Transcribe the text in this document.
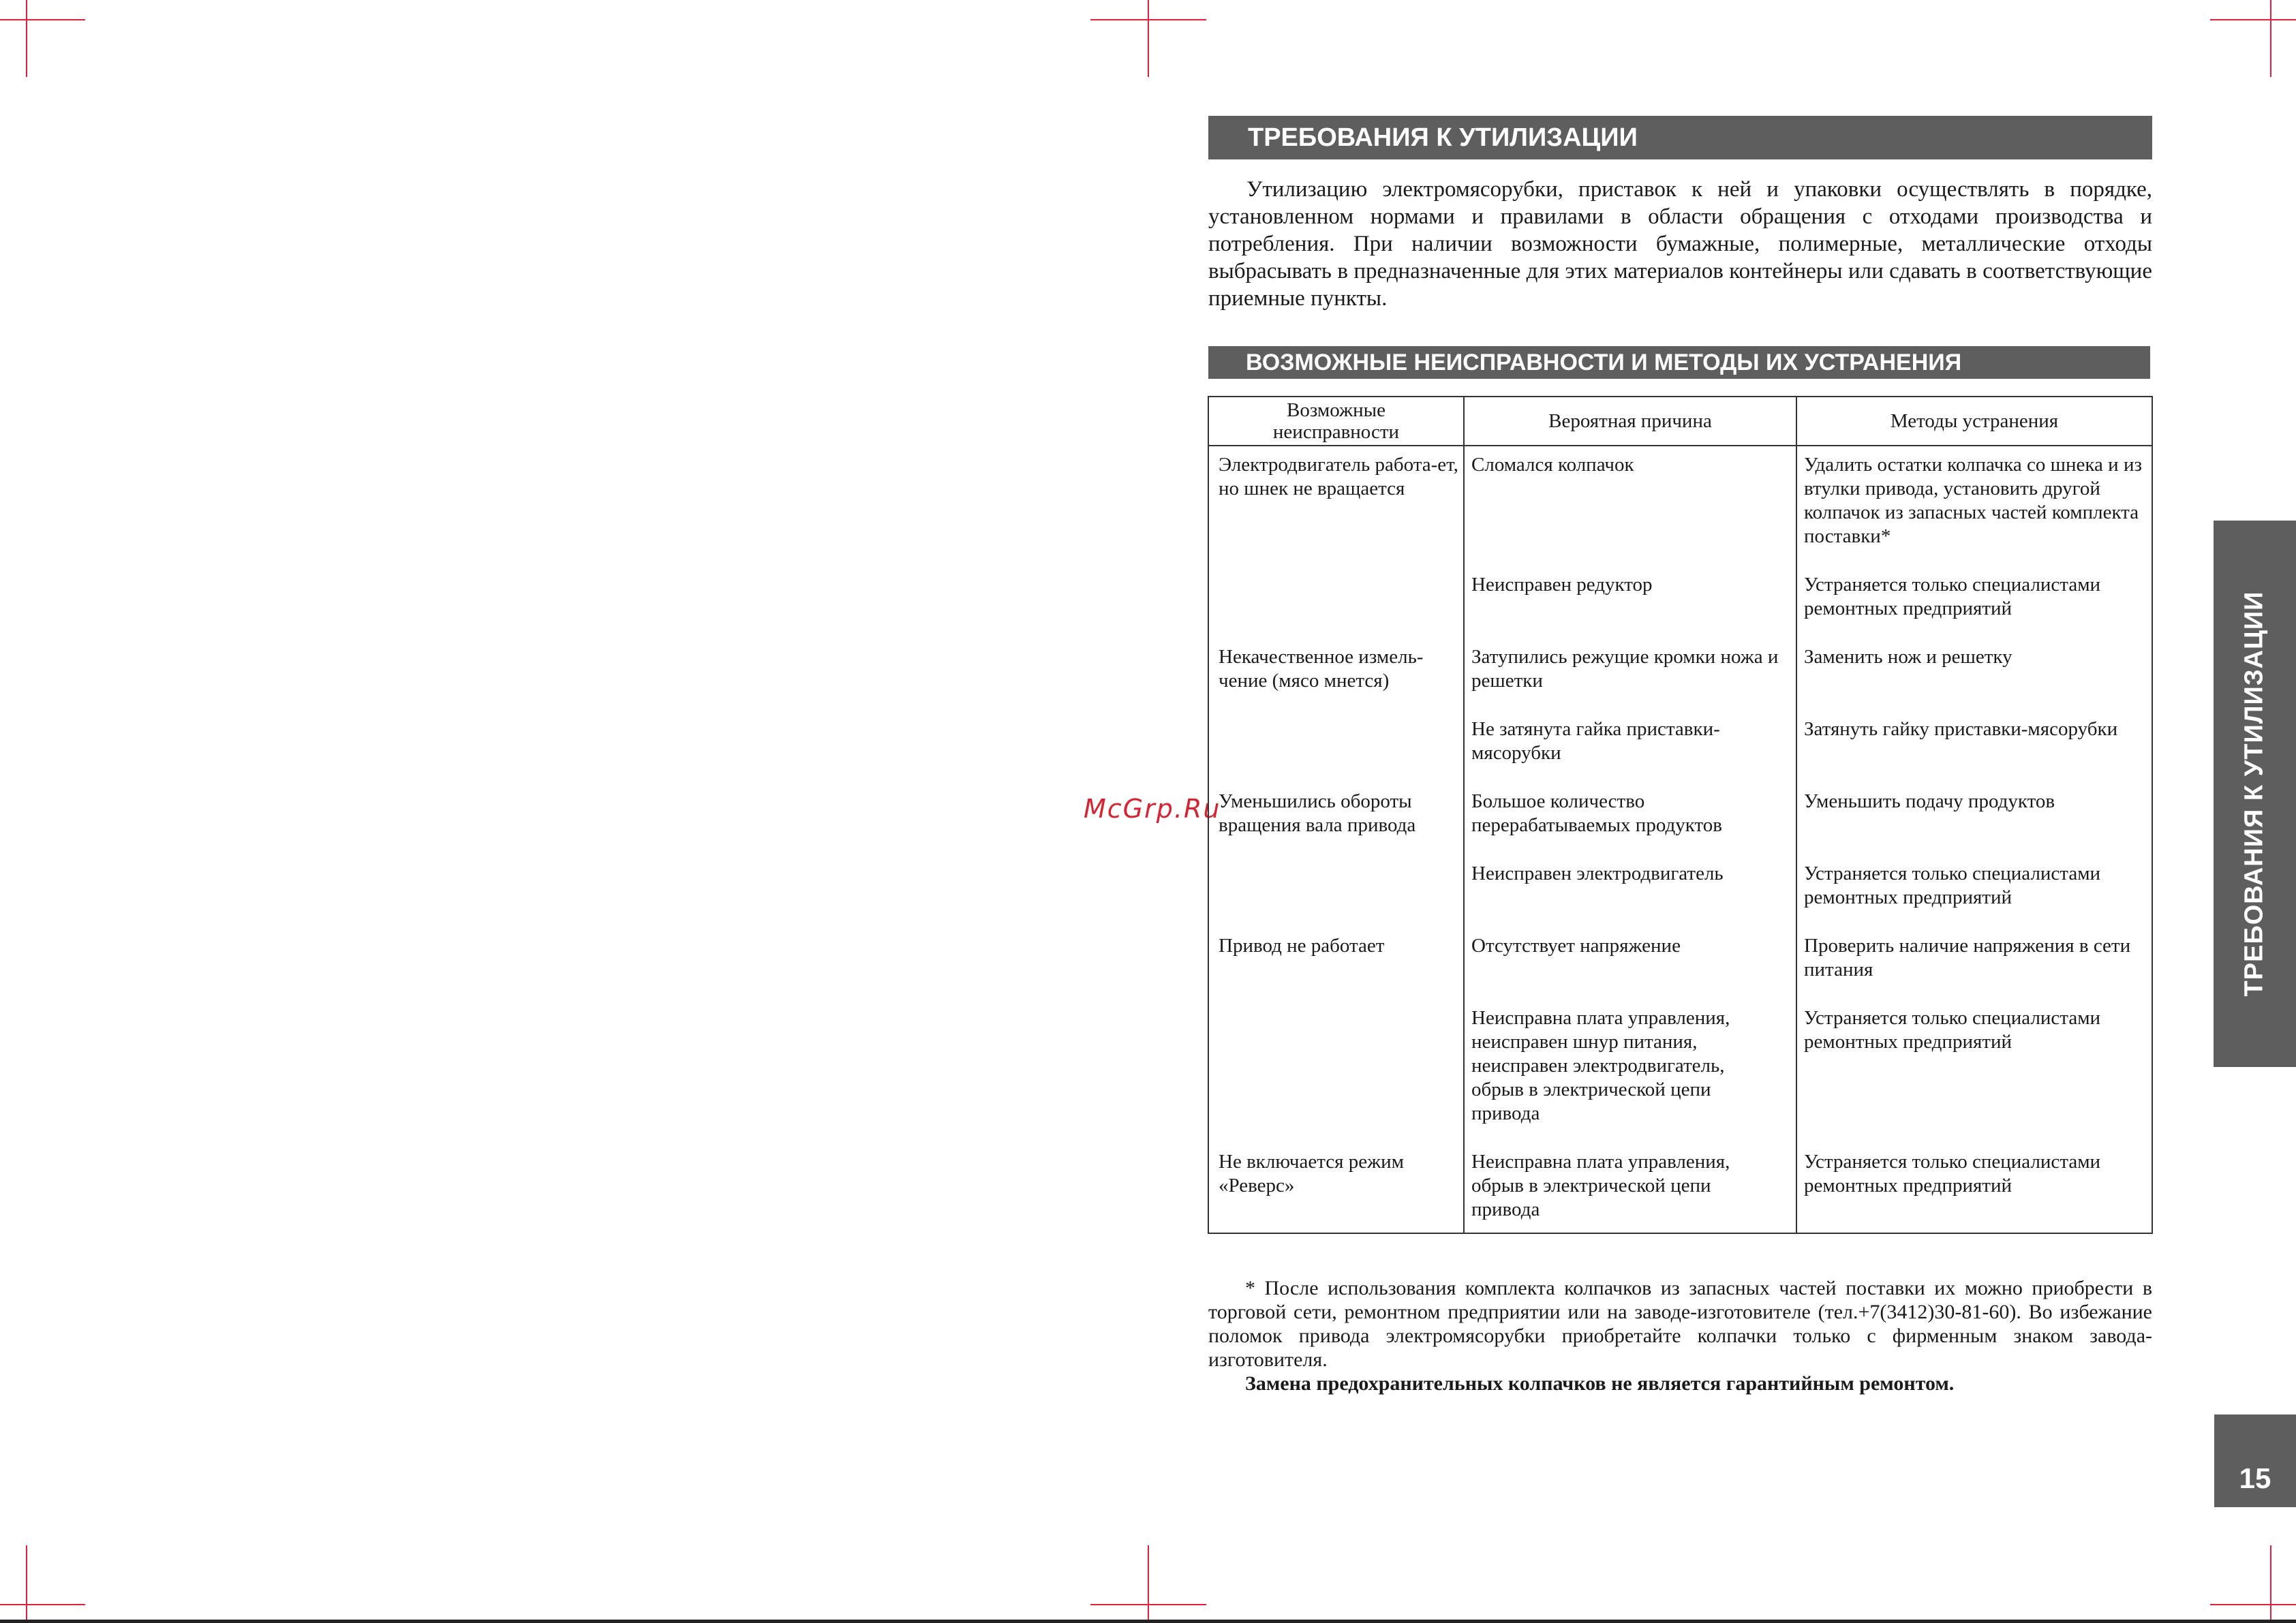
McGrp.Ru
ТРЕБОВАНИЯ К УТИЛИЗАЦИИ
Утилизацию электромясорубки, приставок к ней и упаковки осуществлять в порядке, установленном нормами и правилами в области обращения с отходами производства и потребления. При наличии возможности бумажные, полимерные, металлические отходы выбрасывать в предназначенные для этих материалов контейнеры или сдавать в соответствующие приемные пункты.
ВОЗМОЖНЫЕ НЕИСПРАВНОСТИ И МЕТОДЫ ИХ УСТРАНЕНИЯ
Возможные неисправности	Вероятная причина	Методы устранения
Электродвигатель работа-ет, но шнек не вращается	Сломался колпачок	Удалить остатки колпачка со шнека и из втулки привода, установить другой колпачок из запасных частей комплекта поставки*
	Неисправен редуктор	Устраняется только специалистами ремонтных предприятий
Некачественное измель-чение (мясо мнется)	Затупились режущие кромки ножа и решетки	Заменить нож и решетку
	Не затянута гайка приставки-мясорубки	Затянуть гайку приставки-мясорубки
Уменьшились обороты вращения вала привода	Большое количество перерабатываемых продуктов	Уменьшить подачу продуктов
	Неисправен электродвигатель	Устраняется только специалистами ремонтных предприятий
Привод не работает	Отсутствует напряжение	Проверить наличие напряжения в сети питания
	Неисправна плата управления, неисправен шнур питания, неисправен электродвигатель, обрыв в электрической цепи привода	Устраняется только специалистами ремонтных предприятий
Не включается режим «Реверс»	Неисправна плата управления, обрыв в электрической цепи привода	Устраняется только специалистами ремонтных предприятий

* После использования комплекта колпачков из запасных частей поставки их можно приобрести в торговой сети, ремонтном предприятии или на заводе-изготовителе (тел.+7(3412)30-81-60). Во избежание поломок привода электромясорубки приобретайте колпачки только с фирменным знаком завода-изготовителя.

Замена предохранительных колпачков не является гарантийным ремонтом.

ТРЕБОВАНИЯ К УТИЛИЗАЦИИ
15
